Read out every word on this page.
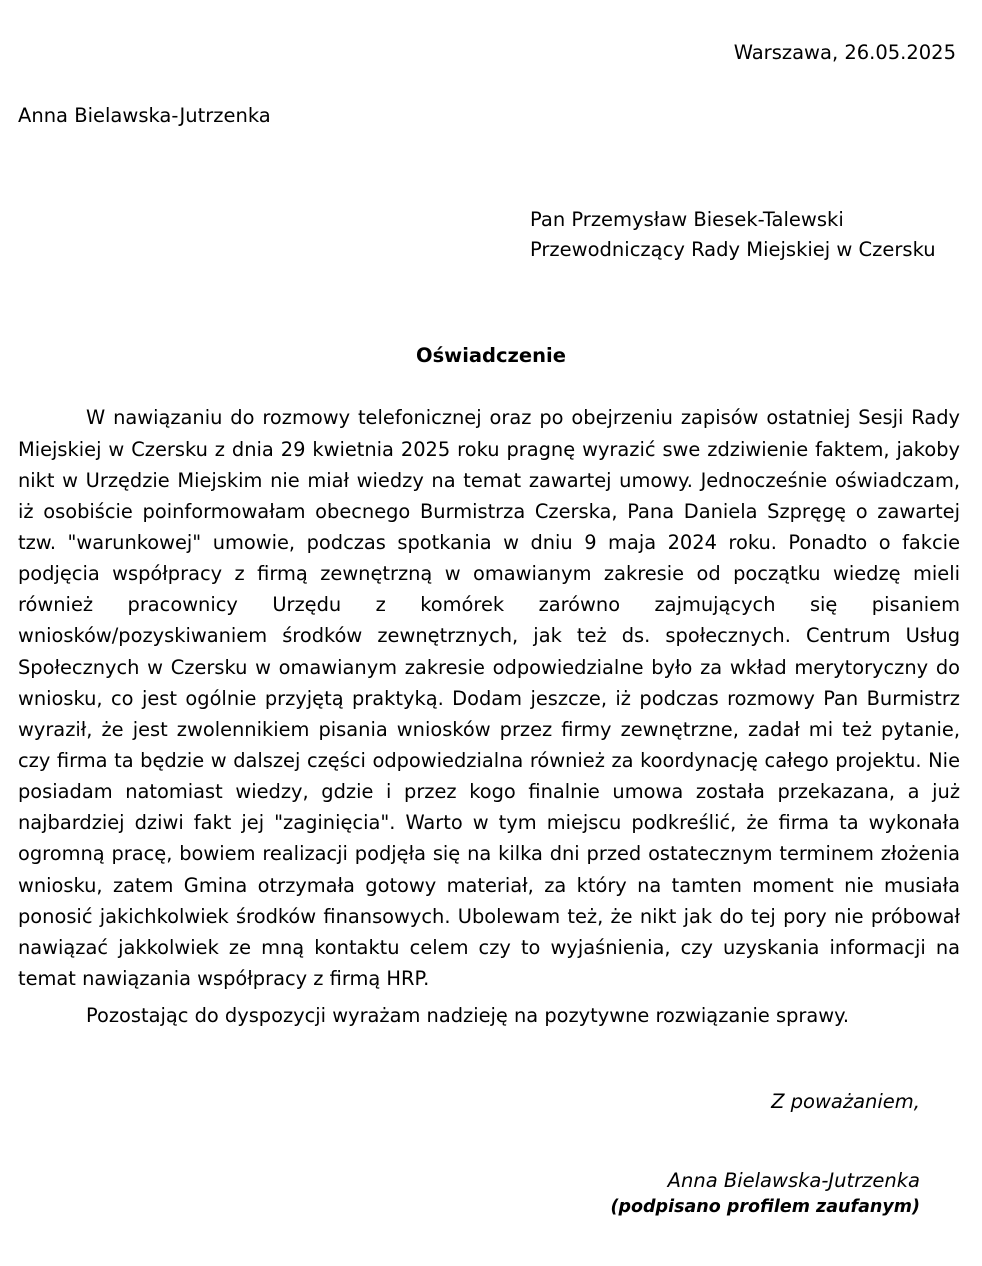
Warszawa, 26.05.2025
Anna Bielawska-Jutrzenka
Pan Przemysław Biesek-Talewski
Przewodniczący Rady Miejskiej w Czersku
Oświadczenie

W nawiązaniu do rozmowy telefonicznej oraz po obejrzeniu zapisów ostatniej Sesji Rady Miejskiej w Czersku z dnia 29 kwietnia 2025 roku pragnę wyrazić swe zdziwienie faktem, jakoby nikt w Urzędzie Miejskim nie miał wiedzy na temat zawartej umowy. Jednocześnie oświadczam, iż osobiście poinformowałam obecnego Burmistrza Czerska, Pana Daniela Szpręgę o zawartej tzw. "warunkowej" umowie, podczas spotkania w dniu 9 maja 2024 roku. Ponadto o fakcie podjęcia współpracy z firmą zewnętrzną w omawianym zakresie od początku wiedzę mieli również pracownicy Urzędu z komórek zarówno zajmujących się pisaniem wniosków/pozyskiwaniem środków zewnętrznych, jak też ds. społecznych. Centrum Usług Społecznych w Czersku w omawianym zakresie odpowiedzialne było za wkład merytoryczny do wniosku, co jest ogólnie przyjętą praktyką. Dodam jeszcze, iż podczas rozmowy Pan Burmistrz wyraził, że jest zwolennikiem pisania wniosków przez firmy zewnętrzne, zadał mi też pytanie, czy firma ta będzie w dalszej części odpowiedzialna również za koordynację całego projektu. Nie posiadam natomiast wiedzy, gdzie i przez kogo finalnie umowa została przekazana, a już najbardziej dziwi fakt jej "zaginięcia". Warto w tym miejscu podkreślić, że firma ta wykonała ogromną pracę, bowiem realizacji podjęła się na kilka dni przed ostatecznym terminem złożenia wniosku, zatem Gmina otrzymała gotowy materiał, za który na tamten moment nie musiała ponosić jakichkolwiek środków finansowych. Ubolewam też, że nikt jak do tej pory nie próbował nawiązać jakkolwiek ze mną kontaktu celem czy to wyjaśnienia, czy uzyskania informacji na temat nawiązania współpracy z firmą HRP.

Pozostając do dyspozycji wyrażam nadzieję na pozytywne rozwiązanie sprawy.
Z poważaniem,
Anna Bielawska-Jutrzenka
(podpisano profilem zaufanym)
